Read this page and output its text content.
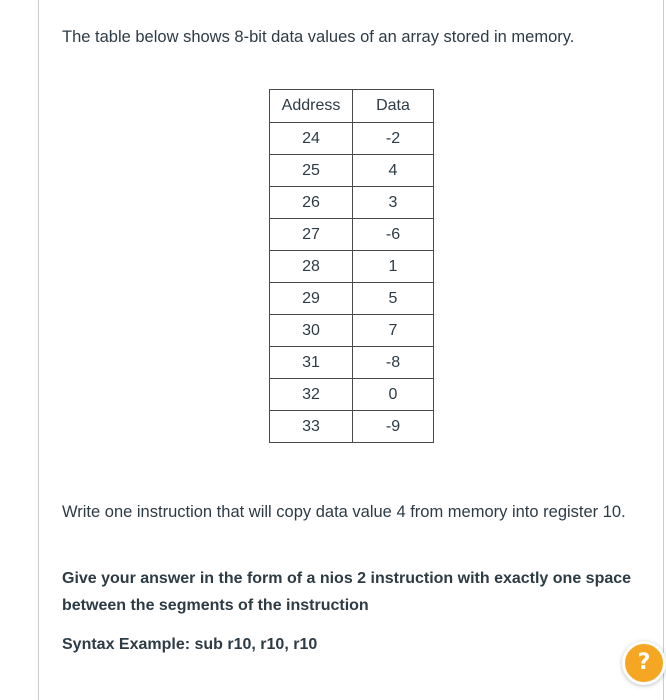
The table below shows 8-bit data values of an array stored in memory.
Address	Data
24	-2
25	4
26	3
27	-6
28	1
29	5
30	7
31	-8
32	0
33	-9
Write one instruction that will copy data value 4 from memory into register 10.
Give your answer in the form of a nios 2 instruction with exactly one space between the segments of the instruction
Syntax Example: sub r10, r10, r10
?
